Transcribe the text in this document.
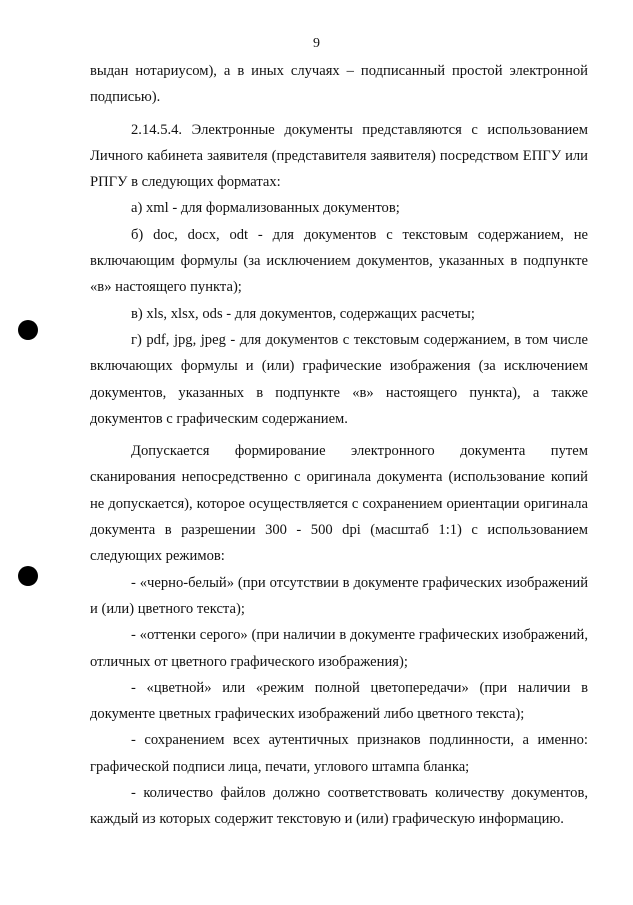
9

выдан нотариусом), а в иных случаях – подписанный простой электронной подписью).

2.14.5.4. Электронные документы представляются с использованием Личного кабинета заявителя (представителя заявителя) посредством ЕПГУ или РПГУ в следующих форматах:

а) xml - для формализованных документов;

б) doc, docx, odt - для документов с текстовым содержанием, не включающим формулы (за исключением документов, указанных в подпункте «в» настоящего пункта);

в) xls, xlsx, ods - для документов, содержащих расчеты;

г) pdf, jpg, jpeg - для документов с текстовым содержанием, в том числе включающих формулы и (или) графические изображения (за исключением документов, указанных в подпункте «в» настоящего пункта), а также документов с графическим содержанием.

Допускается формирование электронного документа путем сканирования непосредственно с оригинала документа (использование копий не допускается), которое осуществляется с сохранением ориентации оригинала документа в разрешении 300 - 500 dpi (масштаб 1:1) с использованием следующих режимов:

- «черно-белый» (при отсутствии в документе графических изображений и (или) цветного текста);

- «оттенки серого» (при наличии в документе графических изображений, отличных от цветного графического изображения);

- «цветной» или «режим полной цветопередачи» (при наличии в документе цветных графических изображений либо цветного текста);

- сохранением всех аутентичных признаков подлинности, а именно: графической подписи лица, печати, углового штампа бланка;

- количество файлов должно соответствовать количеству документов, каждый из которых содержит текстовую и (или) графическую информацию.
